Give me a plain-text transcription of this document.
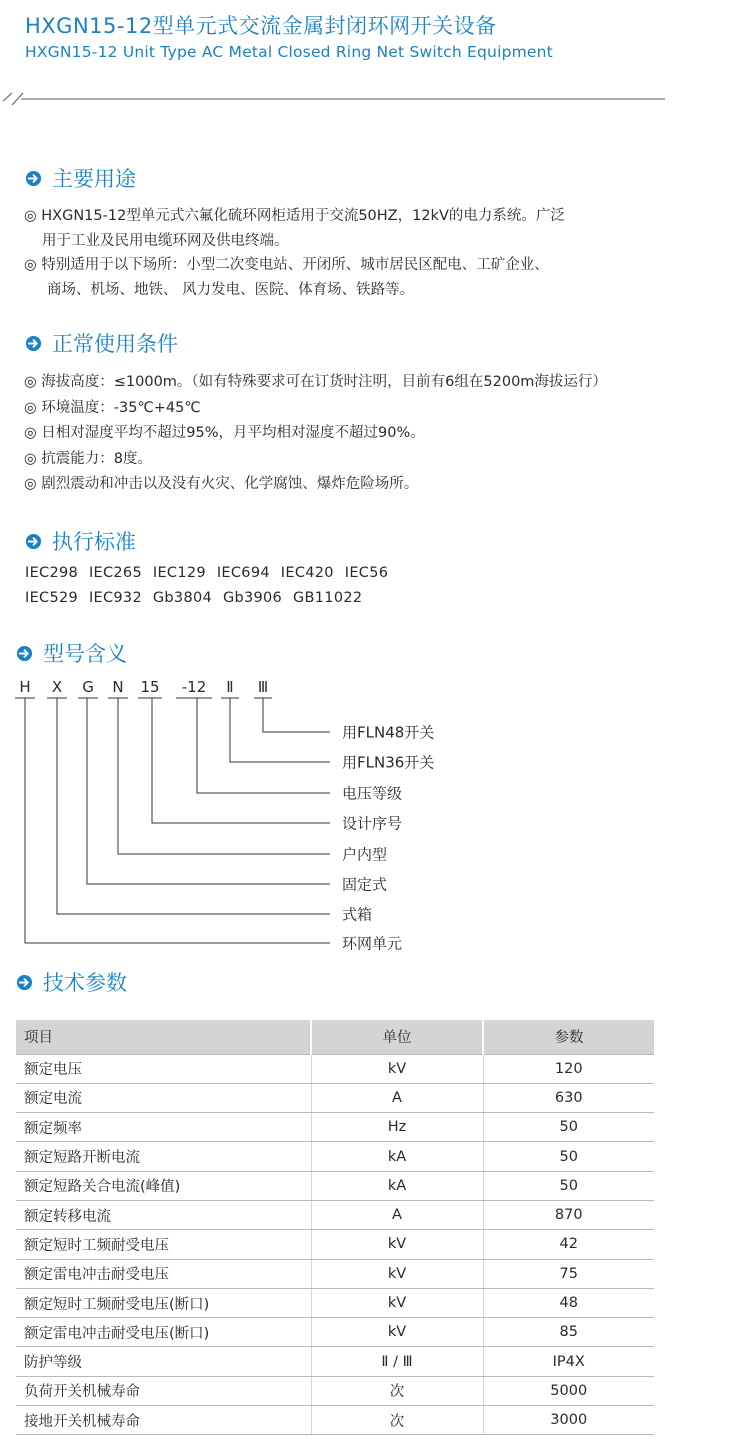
HXGN15-12型单元式交流金属封闭环网开关设备
HXGN15-12 Unit Type AC Metal Closed Ring Net Switch Equipment
主要用途
◎ HXGN15-12型单元式六氟化硫环网柜适用于交流50HZ，12kV的电力系统。广泛
用于工业及民用电缆环网及供电终端。
◎ 特别适用于以下场所：小型二次变电站、开闭所、城市居民区配电、工矿企业、
商场、机场、地铁、 风力发电、医院、体育场、铁路等。
正常使用条件
◎ 海拔高度：≤1000m。（如有特殊要求可在订货时注明，目前有6组在5200m海拔运行）
◎ 环境温度：-35℃+45℃
◎ 日相对湿度平均不超过95%，月平均相对湿度不超过90%。
◎ 抗震能力：8度。
◎ 剧烈震动和冲击以及没有火灾、化学腐蚀、爆炸危险场所。
执行标准
IEC298 IEC265 IEC129 IEC694 IEC420 IEC56
IEC529 IEC932 Gb3804 Gb3906 GB11022
型号含义
H X G N 15 -12 Ⅱ Ⅲ
用FLN48开关
用FLN36开关
电压等级
设计序号
户内型
固定式
式箱
环网单元
技术参数
项目	单位	参数
额定电压	kV	120
额定电流	A	630
额定频率	Hz	50
额定短路开断电流	kA	50
额定短路关合电流(峰值)	kA	50
额定转移电流	A	870
额定短时工频耐受电压	kV	42
额定雷电冲击耐受电压	kV	75
额定短时工频耐受电压(断口)	kV	48
额定雷电冲击耐受电压(断口)	kV	85
防护等级	Ⅱ / Ⅲ	IP4X
负荷开关机械寿命	次	5000
接地开关机械寿命	次	3000
